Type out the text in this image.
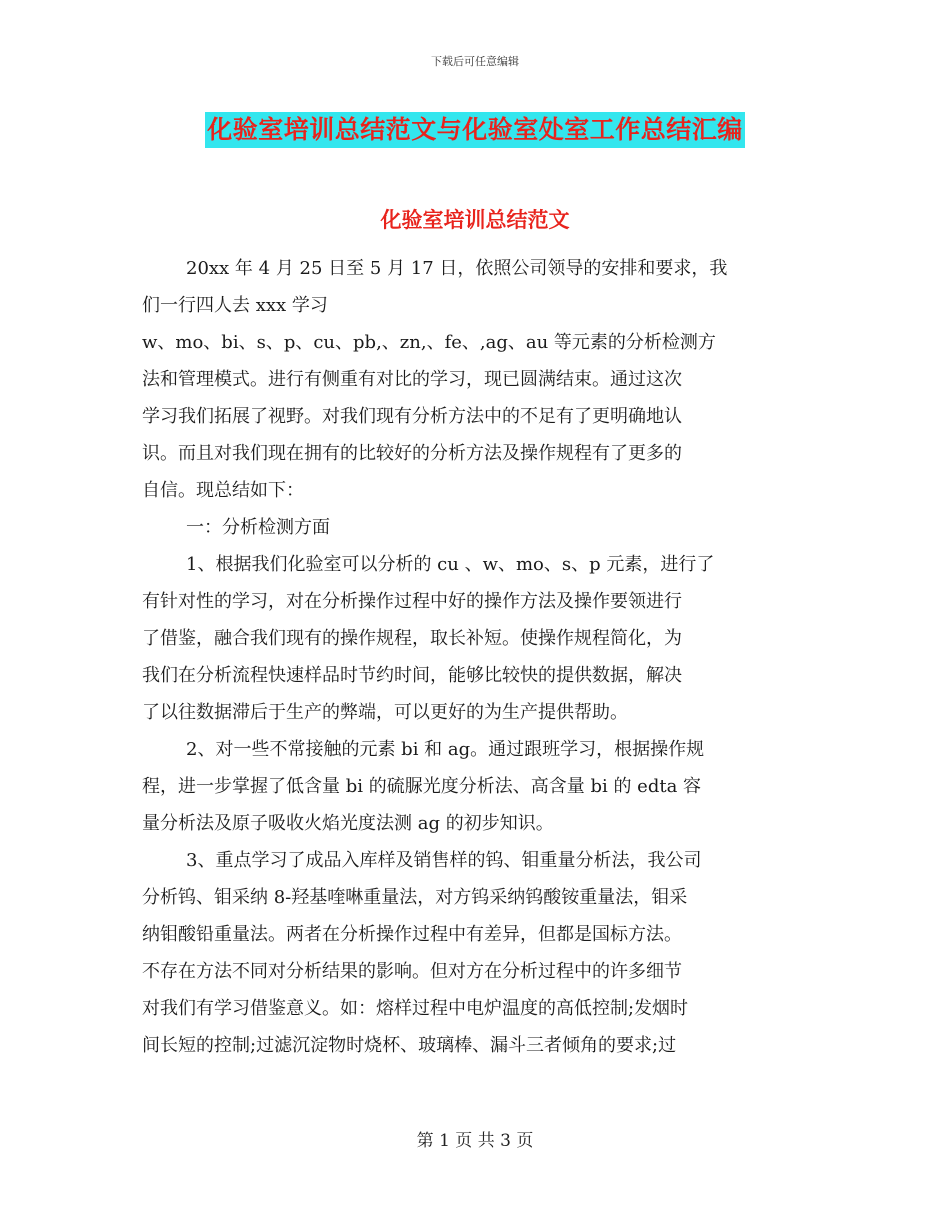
下载后可任意编辑
化验室培训总结范文与化验室处室工作总结汇编
化验室培训总结范文

20xx 年 4 月 25 日至 5 月 17 日，依照公司领导的安排和要求，我

们一行四人去 xxx 学习

w、mo、bi、s、p、cu、pb,、zn,、fe、,ag、au 等元素的分析检测方

法和管理模式。进行有侧重有对比的学习，现已圆满结束。通过这次

学习我们拓展了视野。对我们现有分析方法中的不足有了更明确地认

识。而且对我们现在拥有的比较好的分析方法及操作规程有了更多的

自信。现总结如下：

一：分析检测方面

1、根据我们化验室可以分析的 cu 、w、mo、s、p 元素，进行了

有针对性的学习，对在分析操作过程中好的操作方法及操作要领进行

了借鉴，融合我们现有的操作规程，取长补短。使操作规程简化，为

我们在分析流程快速样品时节约时间，能够比较快的提供数据，解决

了以往数据滞后于生产的弊端，可以更好的为生产提供帮助。

2、对一些不常接触的元素 bi 和 ag。通过跟班学习，根据操作规

程，进一步掌握了低含量 bi 的硫脲光度分析法、高含量 bi 的 edta 容

量分析法及原子吸收火焰光度法测 ag 的初步知识。

3、重点学习了成品入库样及销售样的钨、钼重量分析法，我公司

分析钨、钼采纳 8-羟基喹啉重量法，对方钨采纳钨酸铵重量法，钼采

纳钼酸铅重量法。两者在分析操作过程中有差异，但都是国标方法。

不存在方法不同对分析结果的影响。但对方在分析过程中的许多细节

对我们有学习借鉴意义。如：熔样过程中电炉温度的高低控制;发烟时

间长短的控制;过滤沉淀物时烧杯、玻璃棒、漏斗三者倾角的要求;过

第 1 页 共 3 页
